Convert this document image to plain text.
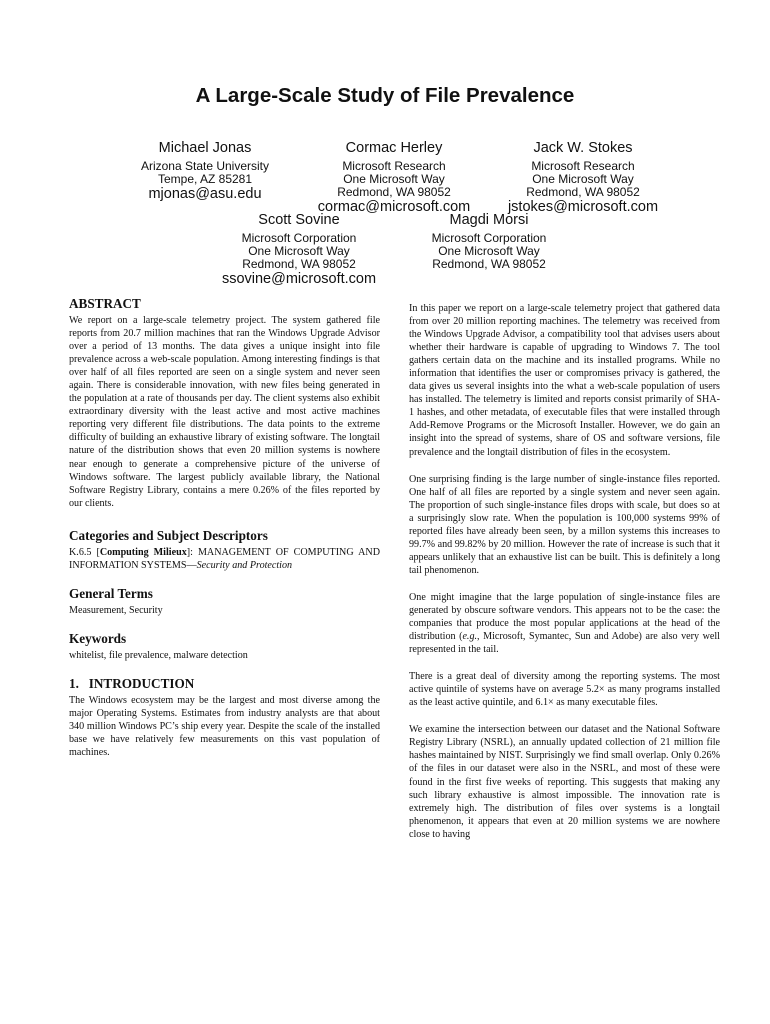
A Large-Scale Study of File Prevalence
Michael Jonas
Arizona State University
Tempe, AZ 85281
mjonas@asu.edu
Cormac Herley
Microsoft Research
One Microsoft Way
Redmond, WA 98052
cormac@microsoft.com
Jack W. Stokes
Microsoft Research
One Microsoft Way
Redmond, WA 98052
jstokes@microsoft.com
Scott Sovine
Microsoft Corporation
One Microsoft Way
Redmond, WA 98052
ssovine@microsoft.com
Magdi Morsi
Microsoft Corporation
One Microsoft Way
Redmond, WA 98052
ABSTRACT

We report on a large-scale telemetry project. The system gathered file reports from 20.7 million machines that ran the Windows Upgrade Advisor over a period of 13 months. The data gives a unique insight into file prevalence across a web-scale population. Among interesting findings is that over half of all files reported are seen on a single system and never seen again. There is considerable innovation, with new files being generated in the population at a rate of thousands per day. The client systems also exhibit extraordinary diversity with the least active and most active machines reporting very different file distributions. The data points to the extreme difficulty of building an exhaustive library of existing software. The longtail nature of the distribution shows that even 20 million systems is nowhere near enough to generate a comprehensive picture of the universe of Windows software. The largest publicly available library, the National Software Registry Library, contains a mere 0.26% of the files reported by our clients.

Categories and Subject Descriptors

K.6.5 [Computing Milieux]: MANAGEMENT OF COMPUTING AND INFORMATION SYSTEMS—Security and Protection

General Terms

Measurement, Security

Keywords

whitelist, file prevalence, malware detection

1.   INTRODUCTION

The Windows ecosystem may be the largest and most diverse among the major Operating Systems. Estimates from industry analysts are that about 340 million Windows PC’s ship every year. Despite the scale of the installed base we have relatively few measurements on this vast population of machines.

In this paper we report on a large-scale telemetry project that gathered data from over 20 million reporting machines. The telemetry was received from the Windows Upgrade Advisor, a compatibility tool that advises users about whether their hardware is capable of upgrading to Windows 7. The tool gathers certain data on the machine and its installed programs. While no information that identifies the user or compromises privacy is gathered, the data gives us several insights into the what a web-scale population of users has installed. The telemetry is limited and reports consist primarily of SHA-1 hashes, and other metadata, of executable files that were installed through Add-Remove Programs or the Microsoft Installer. However, we do gain an insight into the spread of systems, share of OS and software versions, file prevalence and the longtail distribution of files in the ecosystem.

One surprising finding is the large number of single-instance files reported. One half of all files are reported by a single system and never seen again. The proportion of such single-instance files drops with scale, but does so at a surprisingly slow rate. When the population is 100,000 systems 99% of reported files have already been seen, by a millon systems this increases to 99.7% and 99.82% by 20 million. However the rate of increase is such that it appears unlikely that an exhaustive list can be built. This is definitely a long tail phenomenon.

One might imagine that the large population of single-instance files are generated by obscure software vendors. This appears not to be the case: the companies that produce the most popular applications at the head of the distribution (e.g., Microsoft, Symantec, Sun and Adobe) are also very well represented in the tail.

There is a great deal of diversity among the reporting systems. The most active quintile of systems have on average 5.2× as many programs installed as the least active quintile, and 6.1× as many executable files.

We examine the intersection between our dataset and the National Software Registry Library (NSRL), an annually updated collection of 21 million file hashes maintained by NIST. Surprisingly we find small overlap. Only 0.26% of the files in our dataset were also in the NSRL, and most of these were found in the first five weeks of reporting. This suggests that making any such library exhaustive is almost impossible. The innovation rate is extremely high. The distribution of files over systems is a longtail phenomenon, it appears that even at 20 million systems we are nowhere close to having
